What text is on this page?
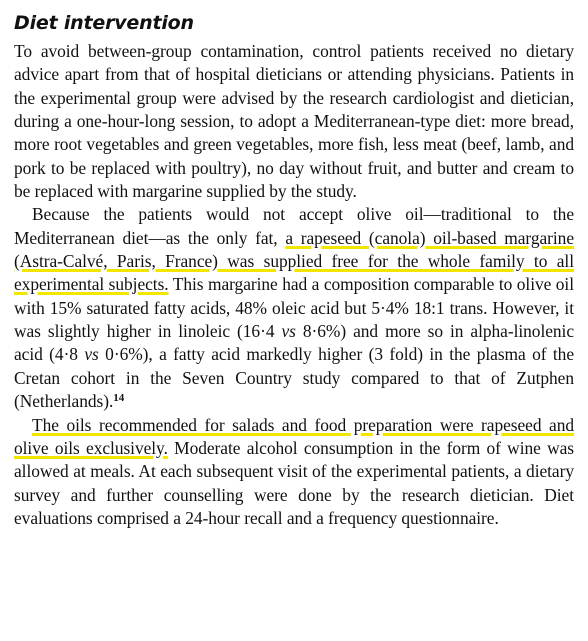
Diet intervention

To avoid between-group contamination, control patients received no dietary advice apart from that of hospital dieticians or attending physicians. Patients in the experimental group were advised by the research cardiologist and dietician, during a one-hour-long session, to adopt a Mediterranean-type diet: more bread, more root vegetables and green vegetables, more fish, less meat (beef, lamb, and pork to be replaced with poultry), no day without fruit, and butter and cream to be replaced with margarine supplied by the study.

Because the patients would not accept olive oil—traditional to the Mediterranean diet—as the only fat, a rapeseed (canola) oil-based margarine (Astra-Calvé, Paris, France) was supplied free for the whole family to all experimental subjects. This margarine had a composition comparable to olive oil with 15% saturated fatty acids, 48% oleic acid but 5·4% 18:1 trans. However, it was slightly higher in linoleic (16·4 vs 8·6%) and more so in alpha-linolenic acid (4·8 vs 0·6%), a fatty acid markedly higher (3 fold) in the plasma of the Cretan cohort in the Seven Country study compared to that of Zutphen (Netherlands).$^{14}$

The oils recommended for salads and food preparation were rapeseed and olive oils exclusively. Moderate alcohol consumption in the form of wine was allowed at meals. At each subsequent visit of the experimental patients, a dietary survey and further counselling were done by the research dietician. Diet evaluations comprised a 24-hour recall and a frequency questionnaire.
